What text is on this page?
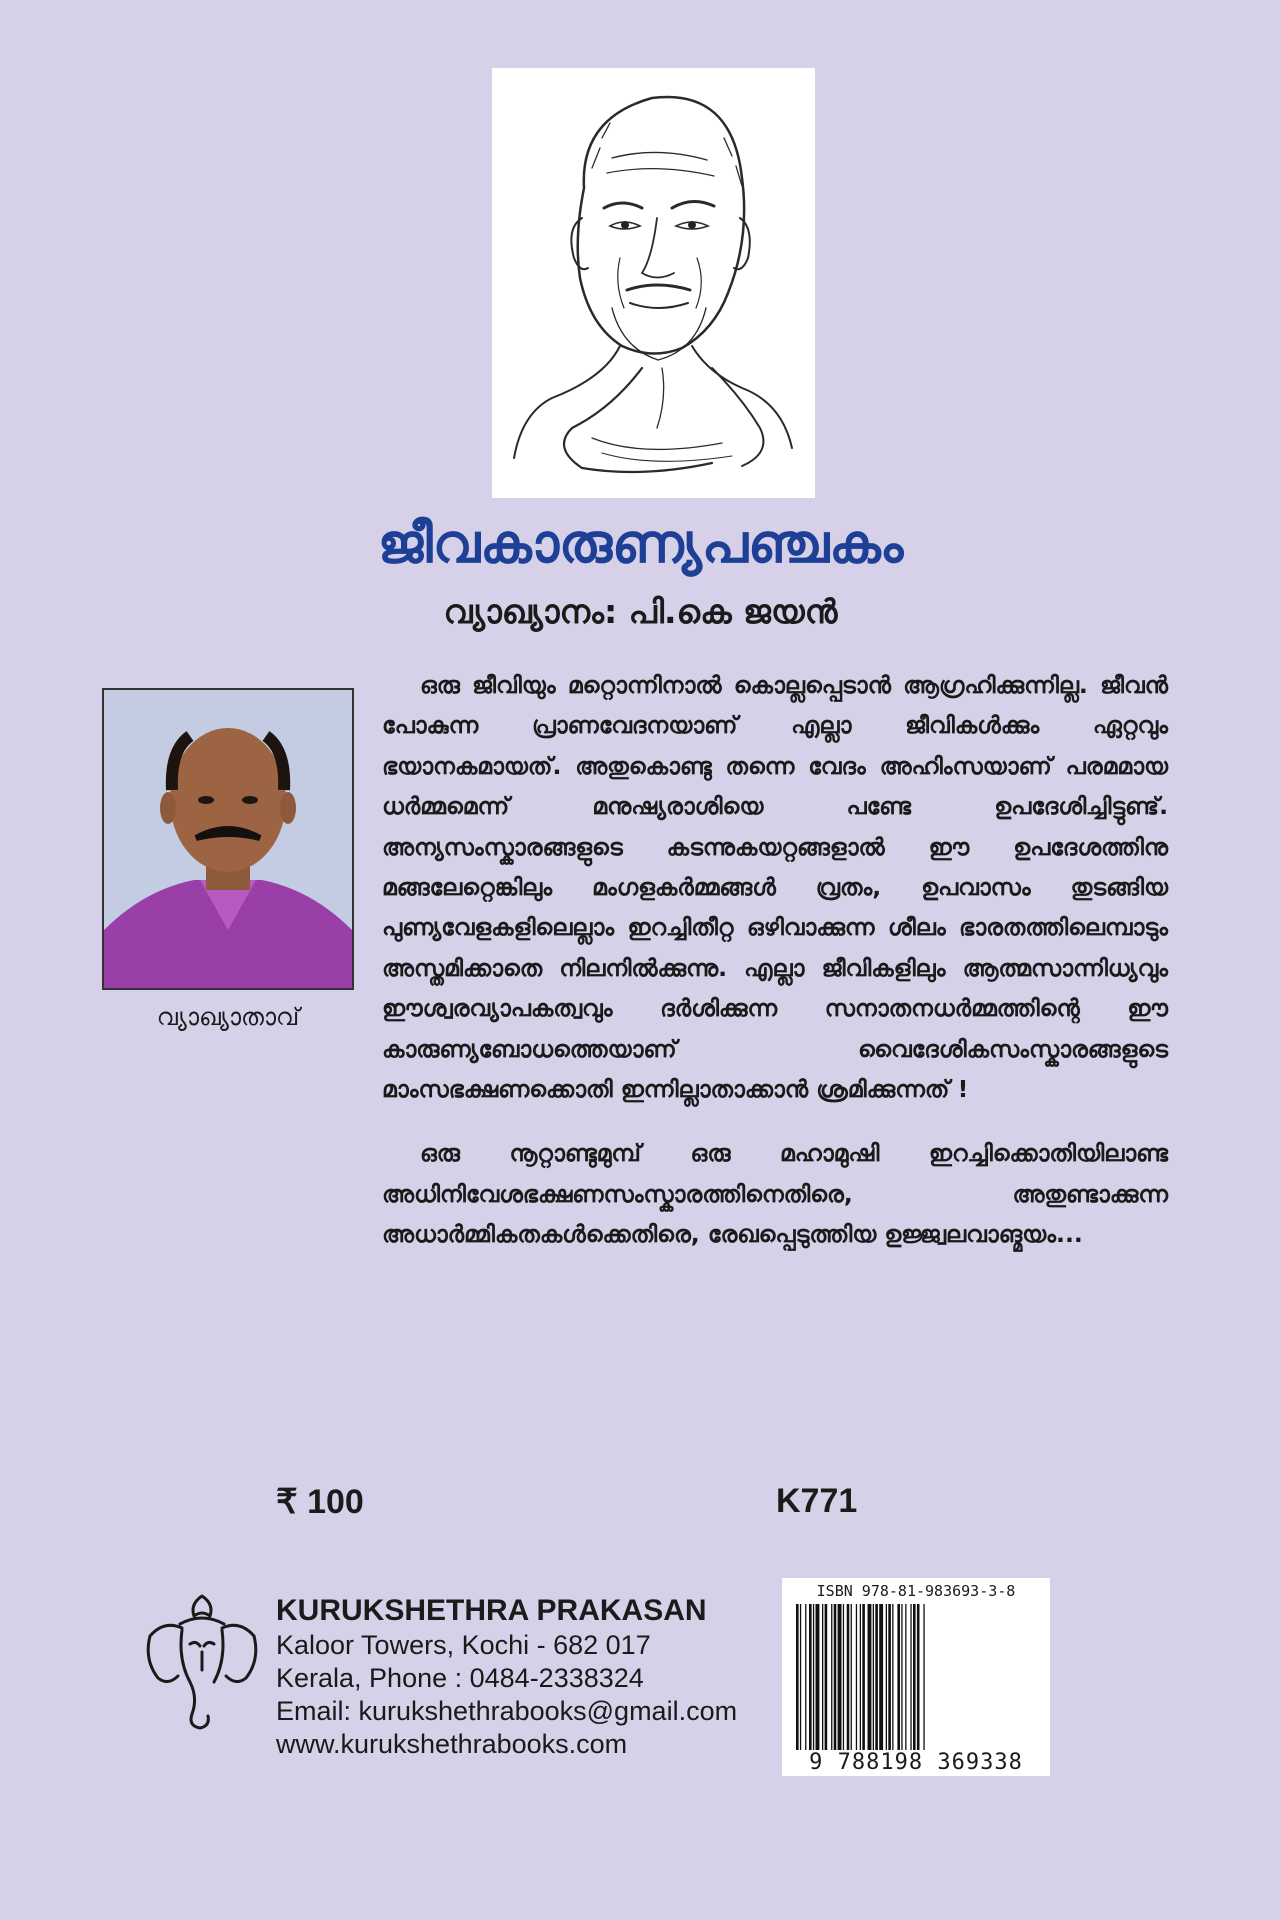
ജീവകാരുണ്യപഞ്ചകം
വ്യാഖ്യാനം: പി.കെ ജയൻ
വ്യാഖ്യാതാവ്

ഒരു ജീവിയും മറ്റൊന്നിനാൽ കൊല്ലപ്പെടാൻ ആഗ്രഹിക്കുന്നില്ല. ജീവൻ പോകുന്ന പ്രാണവേദനയാണ് എല്ലാ ജീവികൾക്കും ഏറ്റവും ഭയാനകമായത്. അതുകൊണ്ടു തന്നെ വേദം അഹിംസയാണ് പരമമായ ധർമ്മമെന്ന് മനുഷ്യരാശിയെ പണ്ടേ ഉപദേശിച്ചിട്ടുണ്ട്. അന്യസംസ്കാരങ്ങളുടെ കടന്നുകയറ്റങ്ങളാൽ ഈ ഉപദേശത്തിനു മങ്ങലേറ്റെങ്കിലും മംഗളകർമ്മങ്ങൾ വ്രതം, ഉപവാസം തുടങ്ങിയ പുണ്യവേളകളിലെല്ലാം ഇറച്ചിതീറ്റ ഒഴിവാക്കുന്ന ശീലം ഭാരതത്തിലെമ്പാടും അസ്തമിക്കാതെ നിലനിൽക്കുന്നു. എല്ലാ ജീവികളിലും ആത്മസാന്നിധ്യവും ഈശ്വരവ്യാപകത്വവും ദർശിക്കുന്ന സനാതനധർമ്മത്തിന്റെ ഈ കാരുണ്യബോധത്തെയാണ് വൈദേശികസംസ്കാരങ്ങളുടെ മാംസഭക്ഷണക്കൊതി ഇന്നില്ലാതാക്കാൻ ശ്രമിക്കുന്നത് !

ഒരു നൂറ്റാണ്ടുമുമ്പ് ഒരു മഹാമുഷി ഇറച്ചിക്കൊതിയിലാണ്ട അധിനിവേശഭക്ഷണസംസ്കാരത്തിനെതിരെ, അതുണ്ടാക്കുന്ന അധാർമ്മികതകൾക്കെതിരെ, രേഖപ്പെടുത്തിയ ഉജ്ജ്വലവാങ്മയം...

₹ 100	K771
KURUKSHETHRA PRAKASAN
Kaloor Towers, Kochi - 682 017
Kerala, Phone : 0484-2338324
Email: kurukshethrabooks@gmail.com
www.kurukshethrabooks.com
ISBN 978-81-983693-3-8
9 788198 369338
